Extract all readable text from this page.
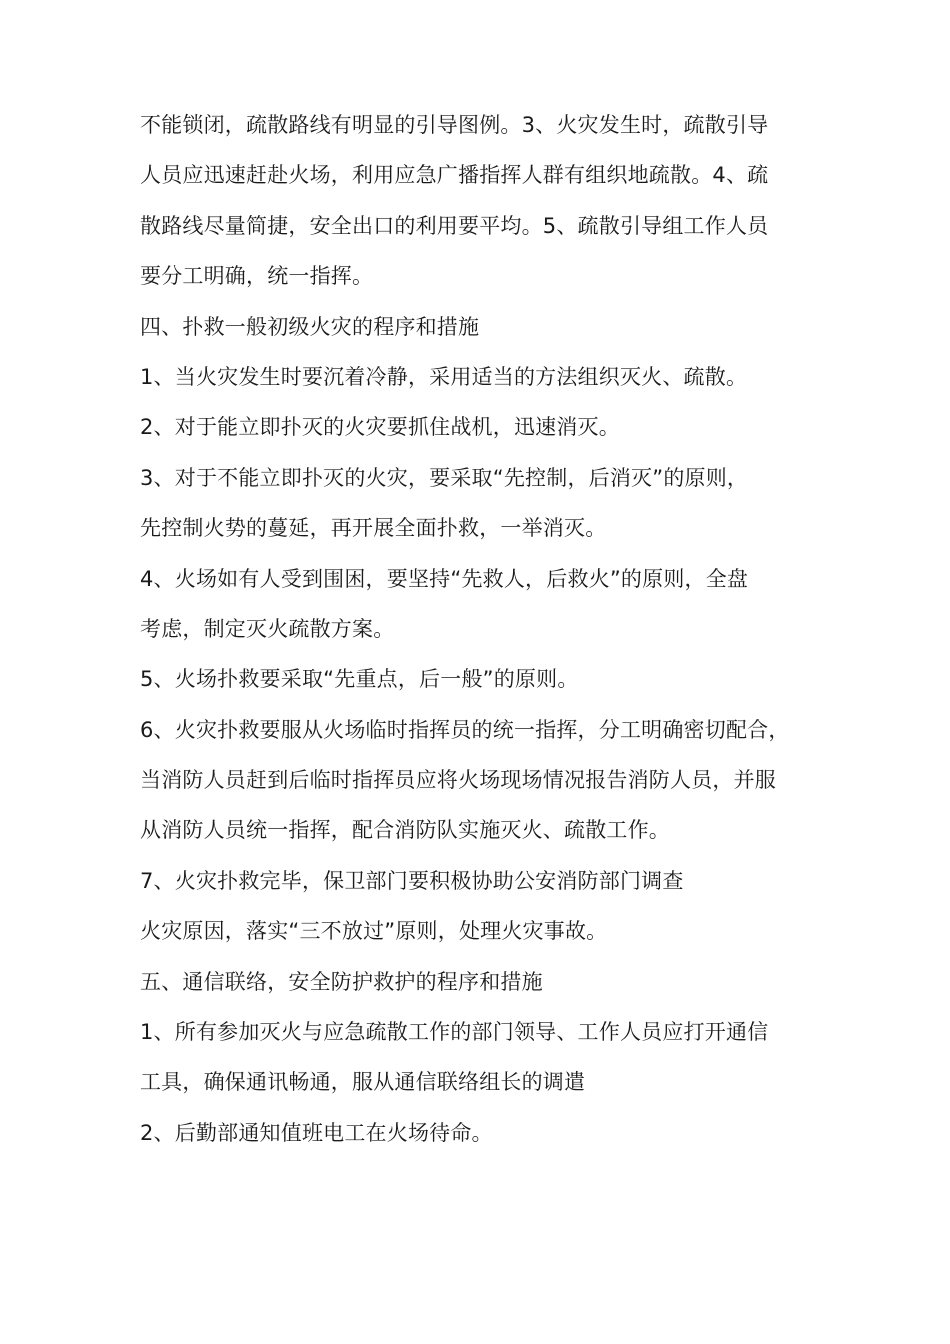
不能锁闭，疏散路线有明显的引导图例。3、火灾发生时，疏散引导
人员应迅速赶赴火场，利用应急广播指挥人群有组织地疏散。4、疏
散路线尽量简捷，安全出口的利用要平均。5、疏散引导组工作人员
要分工明确，统一指挥。
四、扑救一般初级火灾的程序和措施
1、当火灾发生时要沉着冷静，采用适当的方法组织灭火、疏散。
2、对于能立即扑灭的火灾要抓住战机，迅速消灭。
3、对于不能立即扑灭的火灾，要采取“先控制，后消灭”的原则，
先控制火势的蔓延，再开展全面扑救，一举消灭。
4、火场如有人受到围困，要坚持“先救人，后救火”的原则，全盘
考虑，制定灭火疏散方案。
5、火场扑救要采取“先重点，后一般”的原则。
6、火灾扑救要服从火场临时指挥员的统一指挥，分工明确密切配合，
当消防人员赶到后临时指挥员应将火场现场情况报告消防人员，并服
从消防人员统一指挥，配合消防队实施灭火、疏散工作。
7、火灾扑救完毕，保卫部门要积极协助公安消防部门调查
火灾原因，落实“三不放过”原则，处理火灾事故。
五、通信联络，安全防护救护的程序和措施
1、所有参加灭火与应急疏散工作的部门领导、工作人员应打开通信
工具，确保通讯畅通，服从通信联络组长的调遣
2、后勤部通知值班电工在火场待命。
